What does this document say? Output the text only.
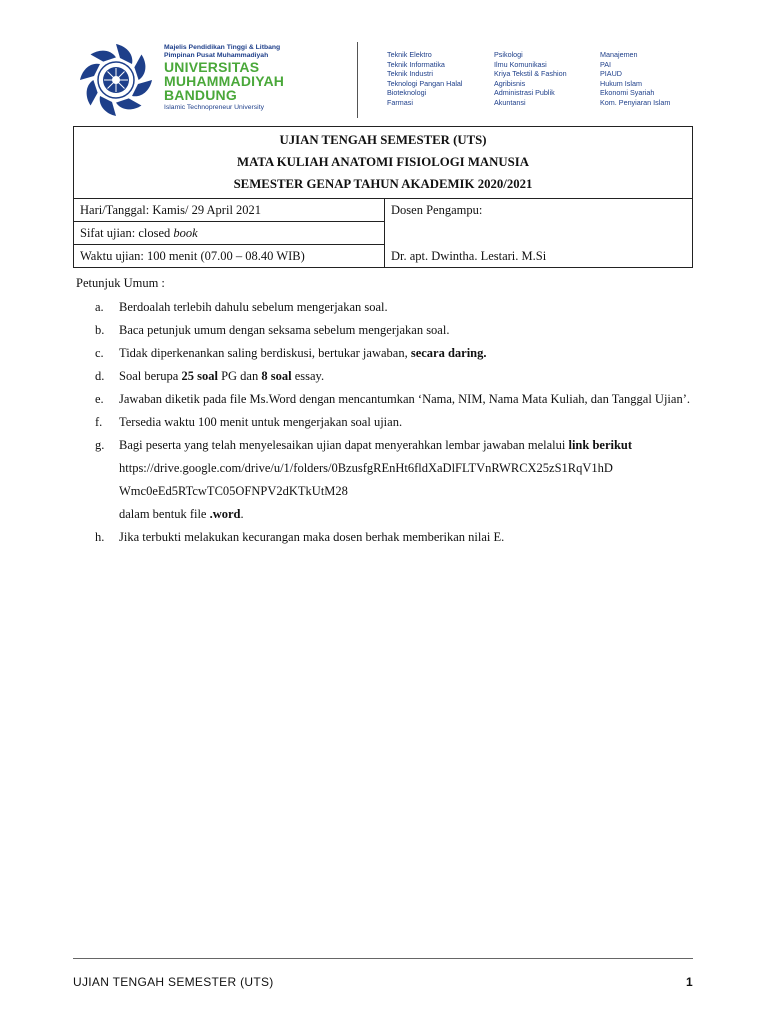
Majelis Pendidikan Tinggi & Litbang
Pimpinan Pusat Muhammadiyah
UNIVERSITAS
MUHAMMADIYAH
BANDUNG
Islamic Technopreneur University
Teknik Elektro
Teknik Informatika
Teknik Industri
Teknologi Pangan Halal
Bioteknologi
Farmasi
Psikologi
Ilmu Komunikasi
Kriya Tekstil & Fashion
Agribisnis
Administrasi Publik
Akuntansi
Manajemen
PAI
PIAUD
Hukum Islam
Ekonomi Syariah
Kom. Penyiaran Islam
UJIAN TENGAH SEMESTER (UTS)
MATA KULIAH ANATOMI FISIOLOGI MANUSIA
SEMESTER GENAP TAHUN AKADEMIK 2020/2021

Hari/Tanggal: Kamis/ 29 April 2021	Dosen Pengampu:
Dr. apt. Dwintha. Lestari. M.Si

Sifat ujian: closed book
Waktu ujian: 100 menit (07.00 – 08.40 WIB)
Petunjuk Umum :
a. Berdoalah terlebih dahulu sebelum mengerjakan soal.
b. Baca petunjuk umum dengan seksama sebelum mengerjakan soal.
c. Tidak diperkenankan saling berdiskusi, bertukar jawaban, secara daring.
d. Soal berupa 25 soal PG dan 8 soal essay.
e. Jawaban diketik pada file Ms.Word dengan mencantumkan ‘Nama, NIM, Nama Mata Kuliah, dan Tanggal Ujian’.
f. Tersedia waktu 100 menit untuk mengerjakan soal ujian.
g. Bagi peserta yang telah menyelesaikan ujian dapat menyerahkan lembar jawaban melalui link berikut
https://drive.google.com/drive/u/1/folders/0BzusfgREnHt6fldXaDlFLTVnRWRCX25zS1RqV1hD
Wmc0eEd5RTcwTC05OFNPV2dKTkUtM28
dalam bentuk file .word.
h. Jika terbukti melakukan kecurangan maka dosen berhak memberikan nilai E.
UJIAN TENGAH SEMESTER (UTS)	1
